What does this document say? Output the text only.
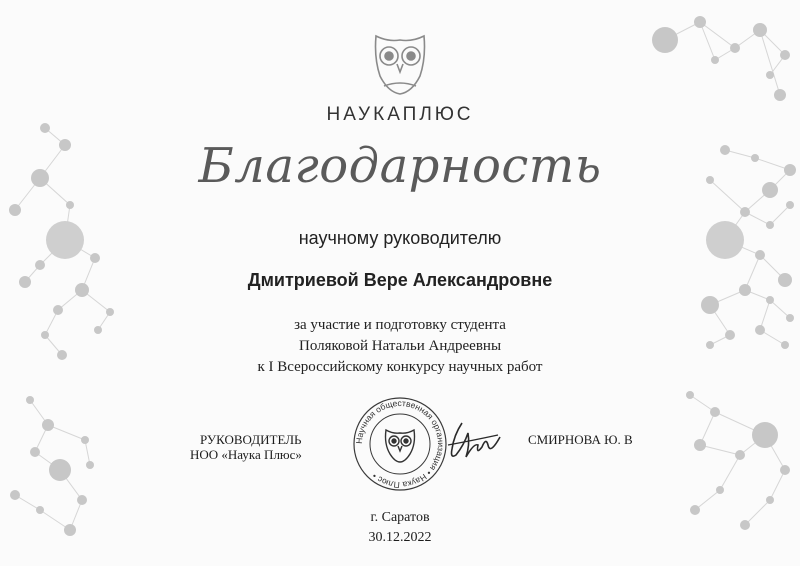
НАУКАПЛЮС
Благодарность
научному руководителю
Дмитриевой Вере Александровне
за участие и подготовку студента
Поляковой Натальи Андреевны
к I Всероссийскому конкурсу научных работ
РУКОВОДИТЕЛЬ
НОО «Наука Плюс»
Научная общественная организация • Наука Плюс •
СМИРНОВА Ю. В
г. Саратов
30.12.2022
